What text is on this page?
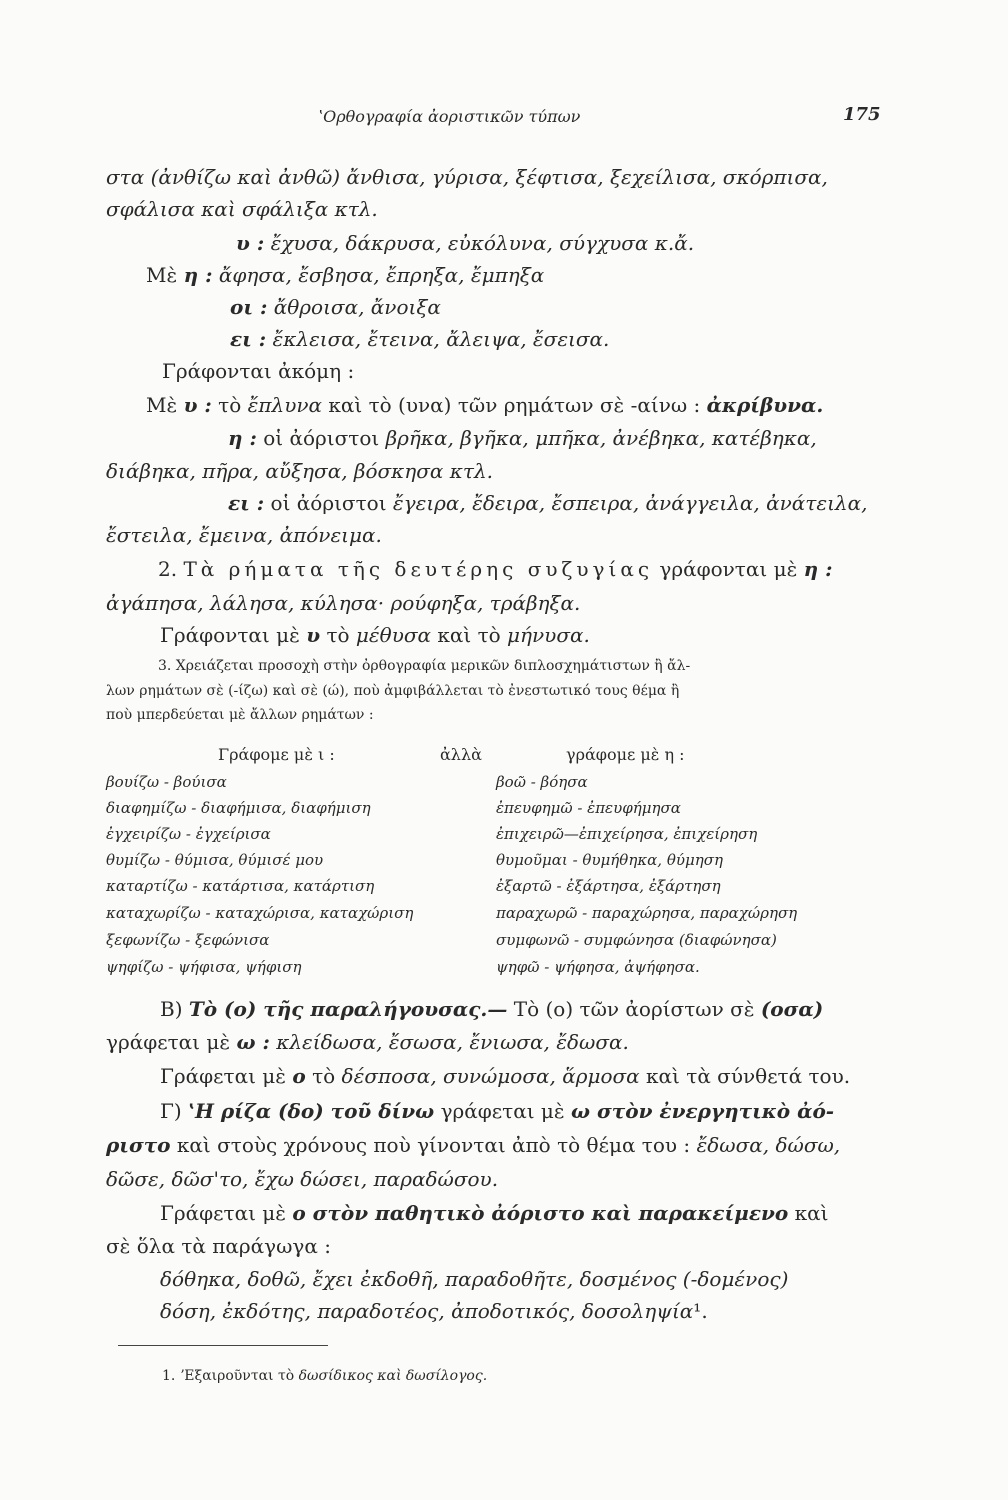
ʽΟρθογραφία ἀοριστικῶν τύπων	175
στα (ἀνθίζω καὶ ἀνθῶ) ἄνθισα, γύρισα, ξέφτισα, ξεχείλισα, σκόρπισα,
σφάλισα καὶ σφάλιξα κτλ.
υ : ἔχυσα, δάκρυσα, εὐκόλυνα, σύγχυσα κ.ἄ.
Μὲ η : ἄφησα, ἔσβησα, ἔπρηξα, ἔμπηξα
οι : ἄθροισα, ἄνοιξα
ει : ἔκλεισα, ἔτεινα, ἄλειψα, ἔσεισα.
Γράφονται ἀκόμη :
Μὲ υ : τὸ ἔπλυνα καὶ τὸ (υνα) τῶν ρημάτων σὲ -αίνω : ἀκρίβυνα.
η : οἱ ἀόριστοι βρῆκα, βγῆκα, μπῆκα, ἀνέβηκα, κατέβηκα,
διάβηκα, πῆρα, αὔξησα, βόσκησα κτλ.
ει : οἱ ἀόριστοι ἔγειρα, ἔδειρα, ἔσπειρα, ἀνάγγειλα, ἀνάτειλα,
ἔστειλα, ἔμεινα, ἀπόνειμα.
2. Τὰ ρήματα τῆς δευτέρης συζυγίας γράφονται μὲ η :
ἀγάπησα, λάλησα, κύλησα· ρούφηξα, τράβηξα.
Γράφονται μὲ υ τὸ μέθυσα καὶ τὸ μήνυσα.
3. Χρειάζεται προσοχὴ στὴν ὀρθογραφία μερικῶν διπλοσχημάτιστων ἢ ἄλ-
λων ρημάτων σὲ (-ίζω) καὶ σὲ (ώ), ποὺ ἀμφιβάλλεται τὸ ἐνεστωτικό τους θέμα ἢ
ποὺ μπερδεύεται μὲ ἄλλων ρημάτων :
Γράφομε μὲ ι :	ἀλλὰ	γράφομε μὲ η :
βουίζω - βούισα	βοῶ - βόησα
διαφημίζω - διαφήμισα, διαφήμιση	ἐπευφημῶ - ἐπευφήμησα
ἐγχειρίζω - ἐγχείρισα	ἐπιχειρῶ—ἐπιχείρησα, ἐπιχείρηση
θυμίζω - θύμισα, θύμισέ μου	θυμοῦμαι - θυμήθηκα, θύμηση
καταρτίζω - κατάρτισα, κατάρτιση	ἐξαρτῶ - ἐξάρτησα, ἐξάρτηση
καταχωρίζω - καταχώρισα, καταχώριση	παραχωρῶ - παραχώρησα, παραχώρηση
ξεφωνίζω - ξεφώνισα	συμφωνῶ - συμφώνησα (διαφώνησα)
ψηφίζω - ψήφισα, ψήφιση	ψηφῶ - ψήφησα, ἀψήφησα.
Β) Τὸ (ο) τῆς παραλήγουσας.— Τὸ (ο) τῶν ἀορίστων σὲ (οσα)
γράφεται μὲ ω : κλείδωσα, ἔσωσα, ἔνιωσα, ἔδωσα.
Γράφεται μὲ ο τὸ δέσποσα, συνώμοσα, ἅρμοσα καὶ τὰ σύνθετά του.
Γ) ʽΗ ρίζα (δο) τοῦ δίνω γράφεται μὲ ω στὸν ἐνεργητικὸ ἀό-
ριστο καὶ στοὺς χρόνους ποὺ γίνονται ἀπὸ τὸ θέμα του : ἔδωσα, δώσω,
δῶσε, δῶσ'το, ἔχω δώσει, παραδώσου.
Γράφεται μὲ ο στὸν παθητικὸ ἀόριστο καὶ παρακείμενο καὶ
σὲ ὅλα τὰ παράγωγα :
δόθηκα, δοθῶ, ἔχει ἐκδοθῆ, παραδοθῆτε, δοσμένος (-δομένος)
δόση, ἐκδότης, παραδοτέος, ἀποδοτικός, δοσοληψία¹.
1. ʼΕξαιροῦνται τὸ δωσίδικος καὶ δωσίλογος.
